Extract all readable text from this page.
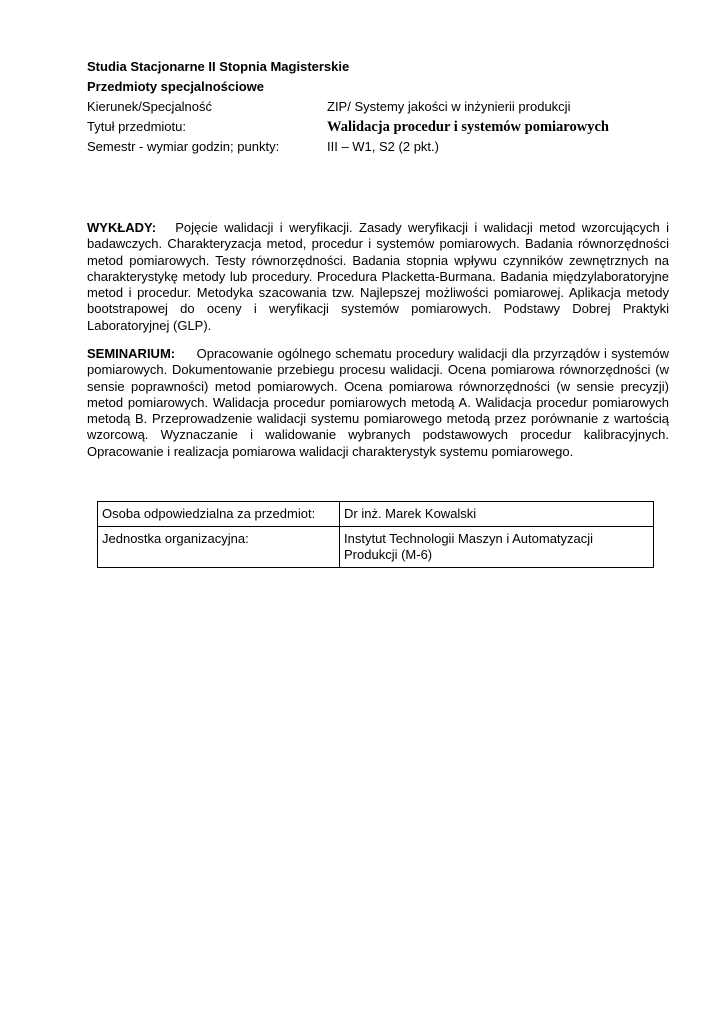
Studia Stacjonarne II Stopnia Magisterskie
Przedmioty specjalnościowe
Kierunek/Specjalność	ZIP/ Systemy jakości w inżynierii produkcji
Tytuł przedmiotu:	Walidacja procedur i systemów pomiarowych
Semestr - wymiar godzin; punkty:	III – W1, S2 (2 pkt.)
WYKŁADY: Pojęcie walidacji i weryfikacji. Zasady weryfikacji i walidacji metod wzorcujących i badawczych. Charakteryzacja metod, procedur i systemów pomiarowych. Badania równorzędności metod pomiarowych. Testy równorzędności. Badania stopnia wpływu czynników zewnętrznych na charakterystykę metody lub procedury. Procedura Placketta-Burmana. Badania międzylaboratoryjne metod i procedur. Metodyka szacowania tzw. Najlepszej możliwości pomiarowej. Aplikacja metody bootstrapowej do oceny i weryfikacji systemów pomiarowych. Podstawy Dobrej Praktyki Laboratoryjnej (GLP).
SEMINARIUM: Opracowanie ogólnego schematu procedury walidacji dla przyrządów i systemów pomiarowych. Dokumentowanie przebiegu procesu walidacji. Ocena pomiarowa równorzędności (w sensie poprawności) metod pomiarowych. Ocena pomiarowa równorzędności (w sensie precyzji) metod pomiarowych. Walidacja procedur pomiarowych metodą A. Walidacja procedur pomiarowych metodą B. Przeprowadzenie walidacji systemu pomiarowego metodą przez porównanie z wartością wzorcową. Wyznaczanie i walidowanie wybranych podstawowych procedur kalibracyjnych. Opracowanie i realizacja pomiarowa walidacji charakterystyk systemu pomiarowego.
Osoba odpowiedzialna za przedmiot:	Dr inż. Marek Kowalski
Jednostka organizacyjna:	Instytut Technologii Maszyn i Automatyzacji Produkcji (M-6)
